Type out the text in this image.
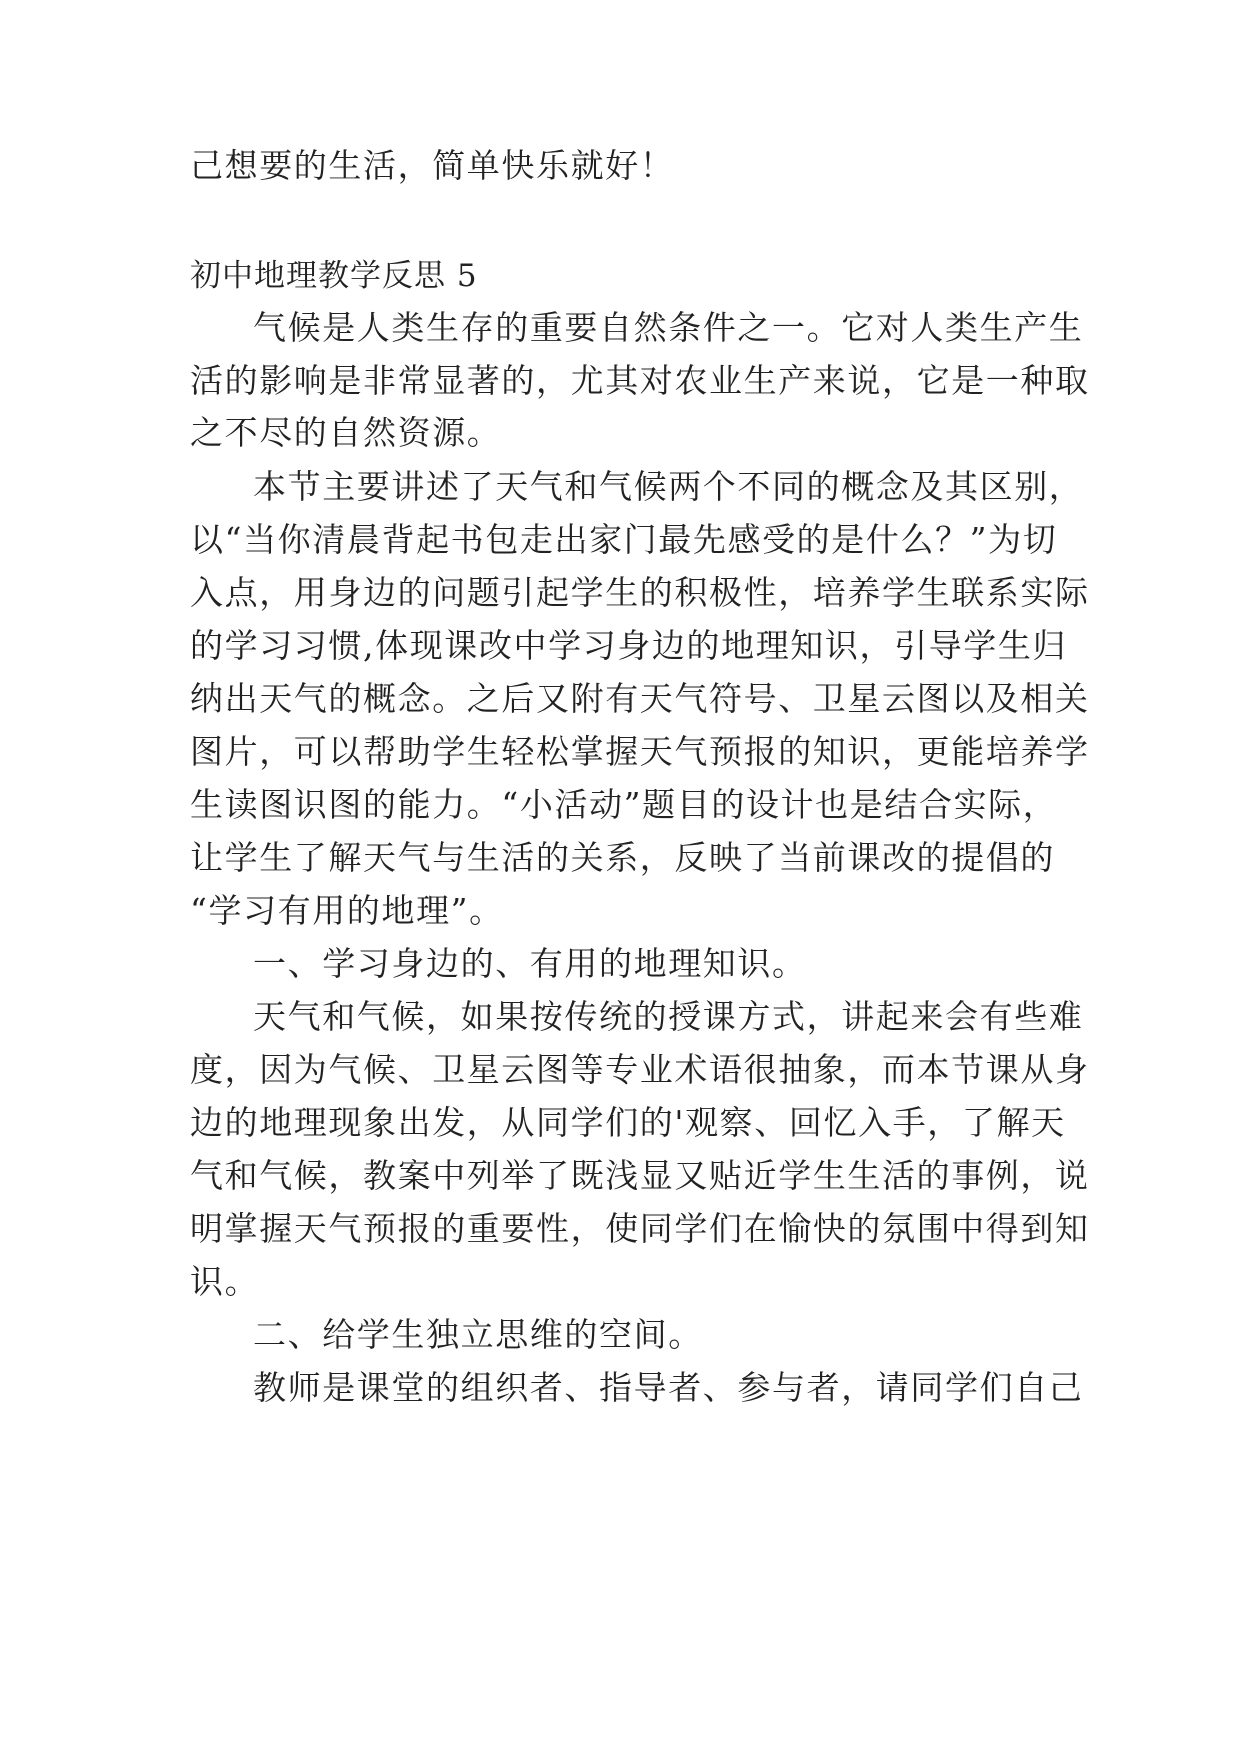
己想要的生活，简单快乐就好！
初中地理教学反思 5
气候是人类生存的重要自然条件之一。它对人类生产生
活的影响是非常显著的，尤其对农业生产来说，它是一种取
之不尽的自然资源。
本节主要讲述了天气和气候两个不同的概念及其区别，
以“当你清晨背起书包走出家门最先感受的是什么？”为切
入点，用身边的问题引起学生的积极性，培养学生联系实际
的学习习惯,体现课改中学习身边的地理知识，引导学生归
纳出天气的概念。之后又附有天气符号、卫星云图以及相关
图片，可以帮助学生轻松掌握天气预报的知识，更能培养学
生读图识图的能力。“小活动”题目的设计也是结合实际，
让学生了解天气与生活的关系，反映了当前课改的提倡的
“学习有用的地理”。
一、学习身边的、有用的地理知识。
天气和气候，如果按传统的授课方式，讲起来会有些难
度，因为气候、卫星云图等专业术语很抽象，而本节课从身
边的地理现象出发，从同学们的'观察、回忆入手，了解天
气和气候，教案中列举了既浅显又贴近学生生活的事例，说
明掌握天气预报的重要性，使同学们在愉快的氛围中得到知
识。
二、给学生独立思维的空间。
教师是课堂的组织者、指导者、参与者，请同学们自己
